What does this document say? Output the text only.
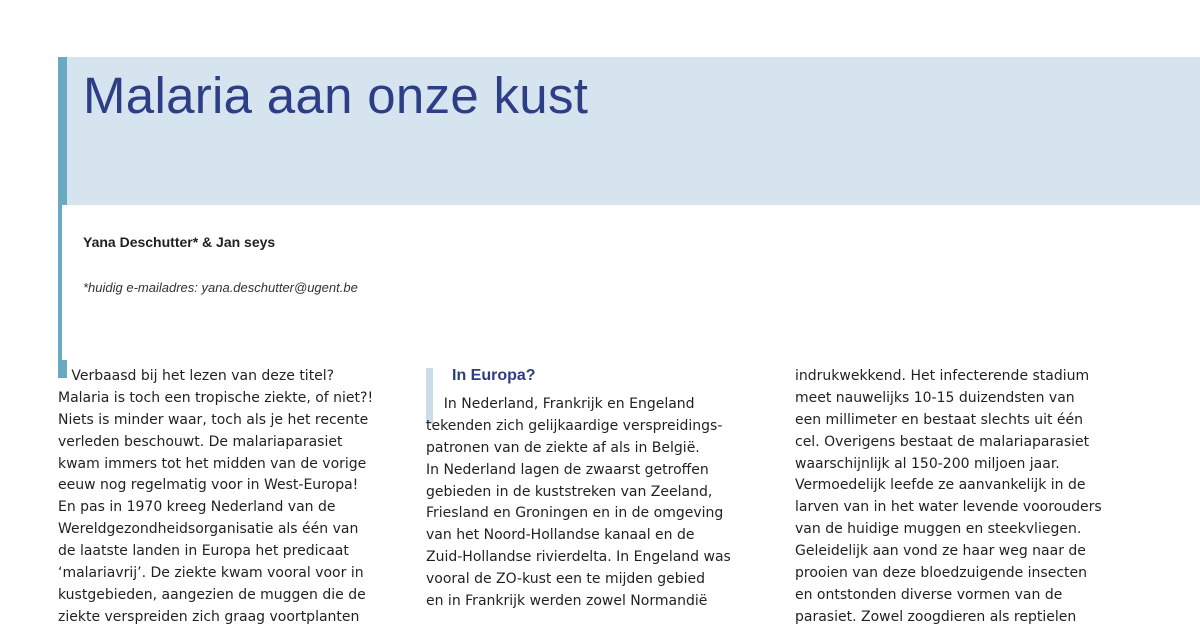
Malaria aan onze kust

Yana Deschutter* & Jan seys

*huidig e-mailadres: yana.deschutter@ugent.be

Verbaasd bij het lezen van deze titel?
Malaria is toch een tropische ziekte, of niet?!
Niets is minder waar, toch als je het recente
verleden beschouwt. De malariaparasiet
kwam immers tot het midden van de vorige
eeuw nog regelmatig voor in West-Europa!
En pas in 1970 kreeg Nederland van de
Wereldgezondheidsorganisatie als één van
de laatste landen in Europa het predicaat
‘malariavrij’. De ziekte kwam vooral voor in
kustgebieden, aangezien de muggen die de
ziekte verspreiden zich graag voortplanten
In Europa?
In Nederland, Frankrijk en Engeland
tekenden zich gelijkaardige verspreidings-
patronen van de ziekte af als in België.
In Nederland lagen de zwaarst getroffen
gebieden in de kuststreken van Zeeland,
Friesland en Groningen en in de omgeving
van het Noord-Hollandse kanaal en de
Zuid-Hollandse rivierdelta. In Engeland was
vooral de ZO-kust een te mijden gebied
en in Frankrijk werden zowel Normandië
indrukwekkend. Het infecterende stadium
meet nauwelijks 10-15 duizendsten van
een millimeter en bestaat slechts uit één
cel. Overigens bestaat de malariaparasiet
waarschijnlijk al 150-200 miljoen jaar.
Vermoedelijk leefde ze aanvankelijk in de
larven van in het water levende voorouders
van de huidige muggen en steekvliegen.
Geleidelijk aan vond ze haar weg naar de
prooien van deze bloedzuigende insecten
en ontstonden diverse vormen van de
parasiet. Zowel zoogdieren als reptielen
